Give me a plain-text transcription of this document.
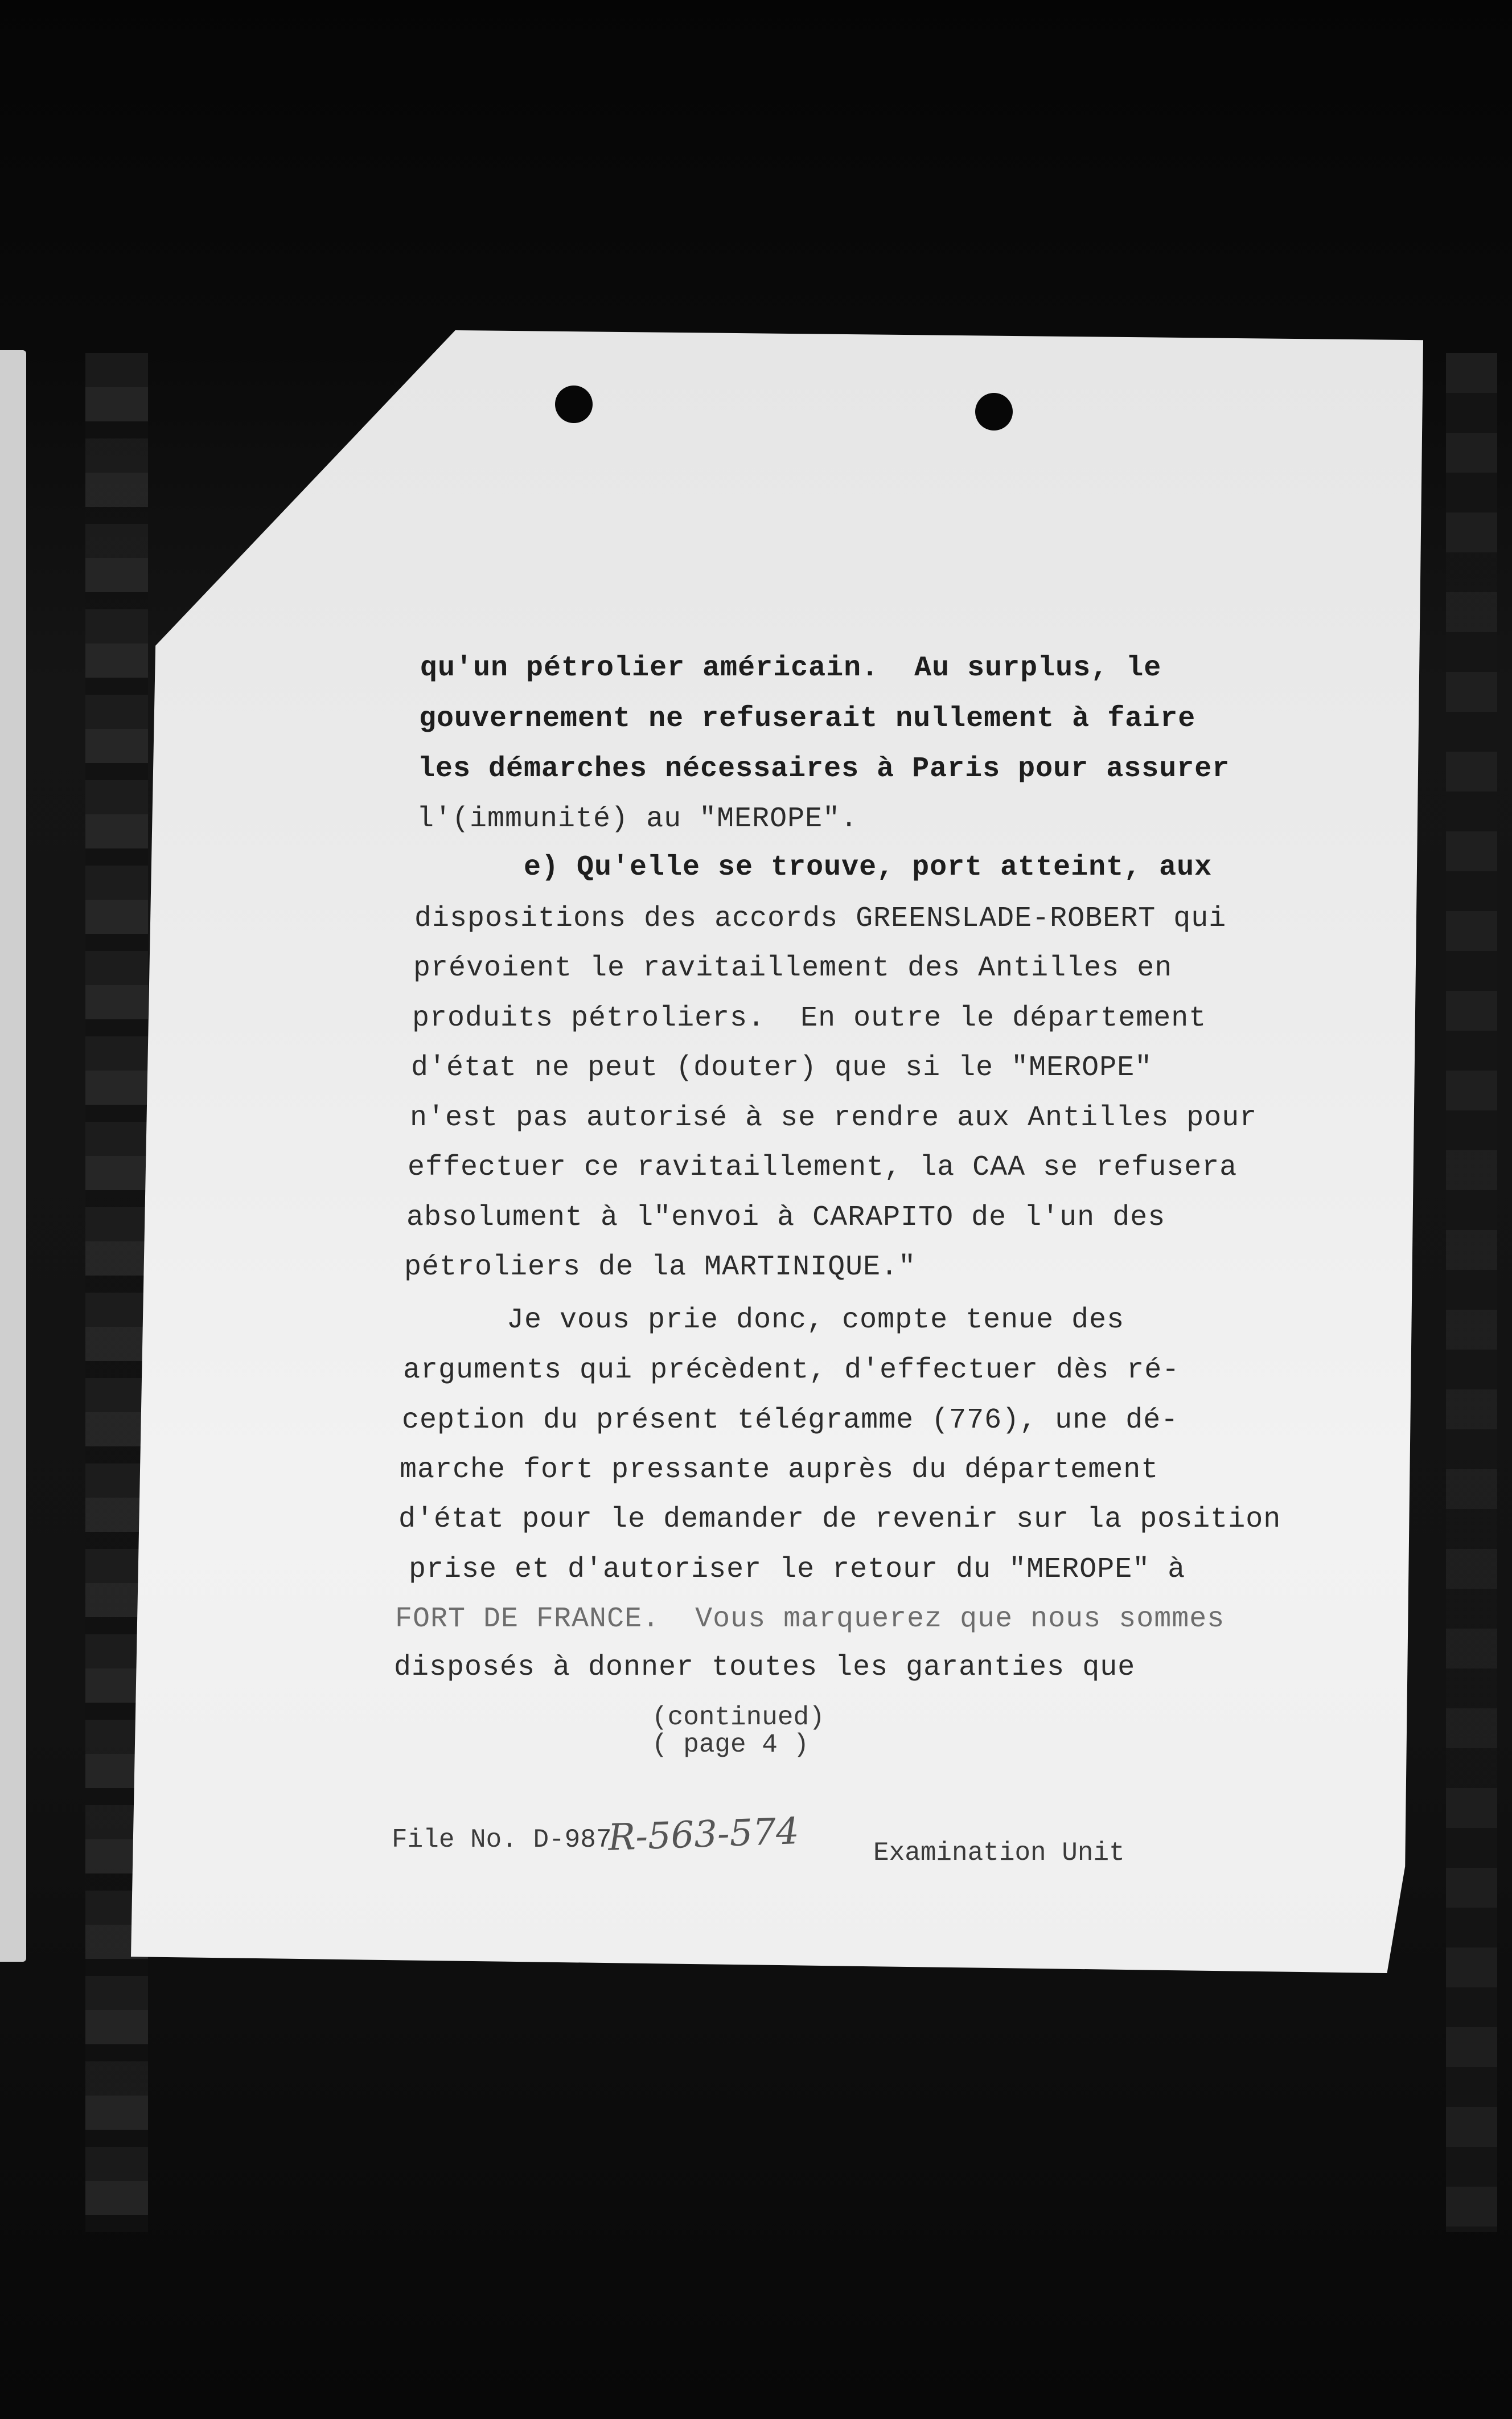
qu'un pétrolier américain.  Au surplus, le

gouvernement ne refuserait nullement à faire

les démarches nécessaires à Paris pour assurer

l'(immunité) au "MEROPE".

e) Qu'elle se trouve, port atteint, aux

dispositions des accords GREENSLADE-ROBERT qui

prévoient le ravitaillement des Antilles en

produits pétroliers.  En outre le département

d'état ne peut (douter) que si le "MEROPE"

n'est pas autorisé à se rendre aux Antilles pour

effectuer ce ravitaillement, la CAA se refusera

absolument à l"envoi à CARAPITO de l'un des

pétroliers de la MARTINIQUE."

Je vous prie donc, compte tenue des

arguments qui précèdent, d'effectuer dès ré-

ception du présent télégramme (776), une dé-

marche fort pressante auprès du département

d'état pour le demander de revenir sur la position

prise et d'autoriser le retour du "MEROPE" à

FORT DE FRANCE.  Vous marquerez que nous sommes

disposés à donner toutes les garanties que

(continued)
( page 4 )
File No. D-987
R-563-574	Examination Unit
